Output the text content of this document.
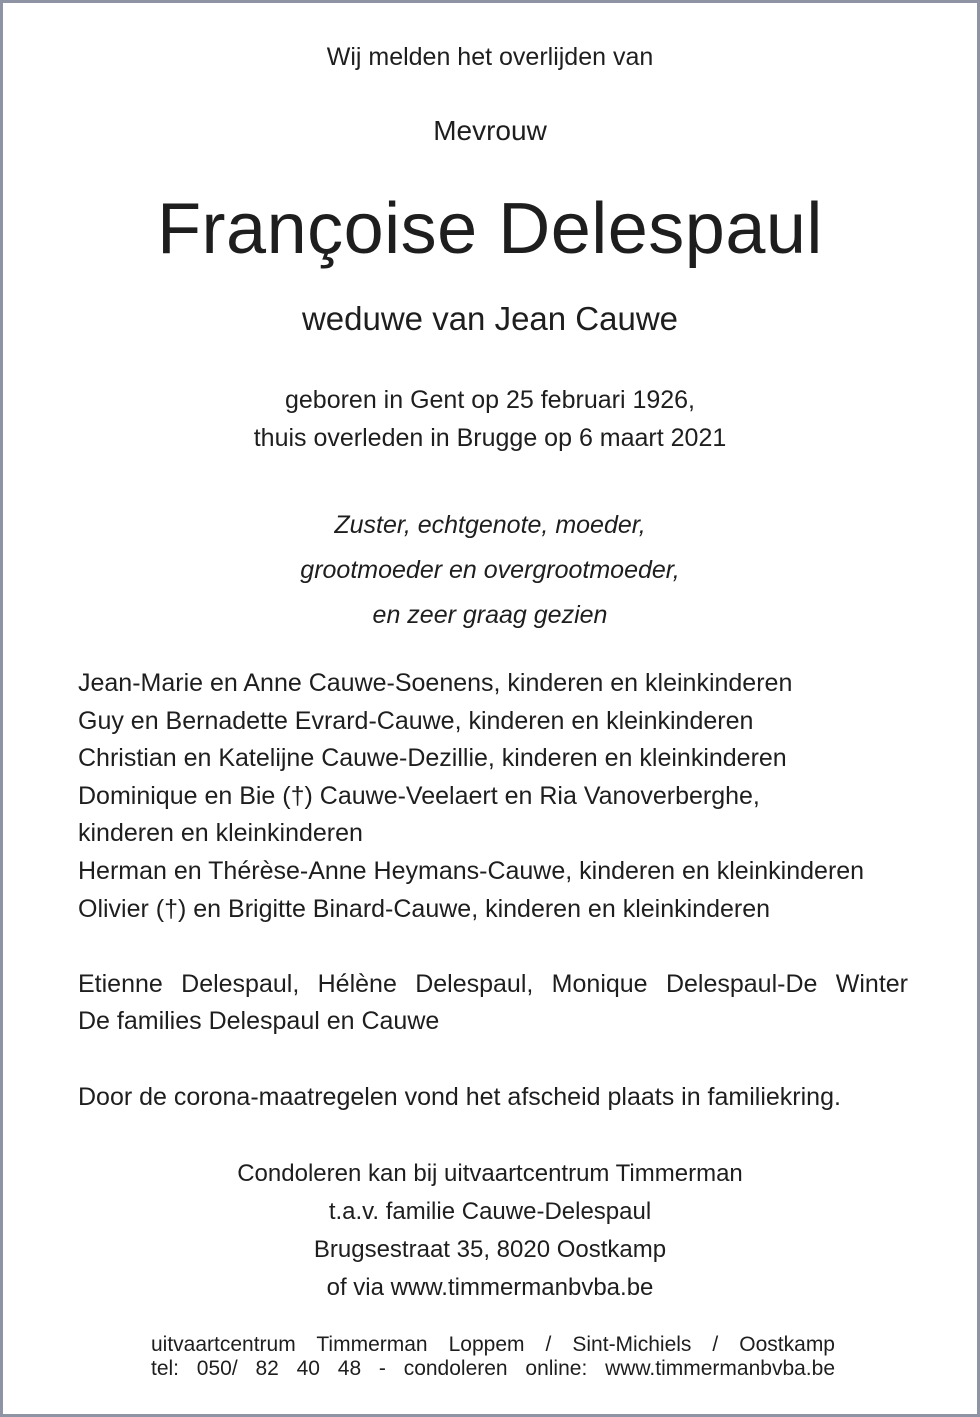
Wij melden het overlijden van

Mevrouw

Françoise Delespaul

weduwe van Jean Cauwe

geboren in Gent op 25 februari 1926,
thuis overleden in Brugge op 6 maart 2021
Zuster, echtgenote, moeder,
grootmoeder en overgrootmoeder,
en zeer graag gezien
Jean-Marie en Anne Cauwe-Soenens, kinderen en kleinkinderen
Guy en Bernadette Evrard-Cauwe, kinderen en kleinkinderen
Christian en Katelijne Cauwe-Dezillie, kinderen en kleinkinderen
Dominique en Bie (†) Cauwe-Veelaert en Ria Vanoverberghe,
kinderen en kleinkinderen
Herman en Thérèse-Anne Heymans-Cauwe, kinderen en kleinkinderen
Olivier (†) en Brigitte Binard-Cauwe, kinderen en kleinkinderen
Etienne Delespaul, Hélène Delespaul, Monique Delespaul-De Winter
De families Delespaul en Cauwe
Door de corona-maatregelen vond het afscheid plaats in familiekring.
Condoleren kan bij uitvaartcentrum Timmerman
t.a.v. familie Cauwe-Delespaul
Brugsestraat 35, 8020 Oostkamp
of via www.timmermanbvba.be
uitvaartcentrum Timmerman Loppem / Sint-Michiels / Oostkamp
tel: 050/ 82 40 48 - condoleren online: www.timmermanbvba.be
